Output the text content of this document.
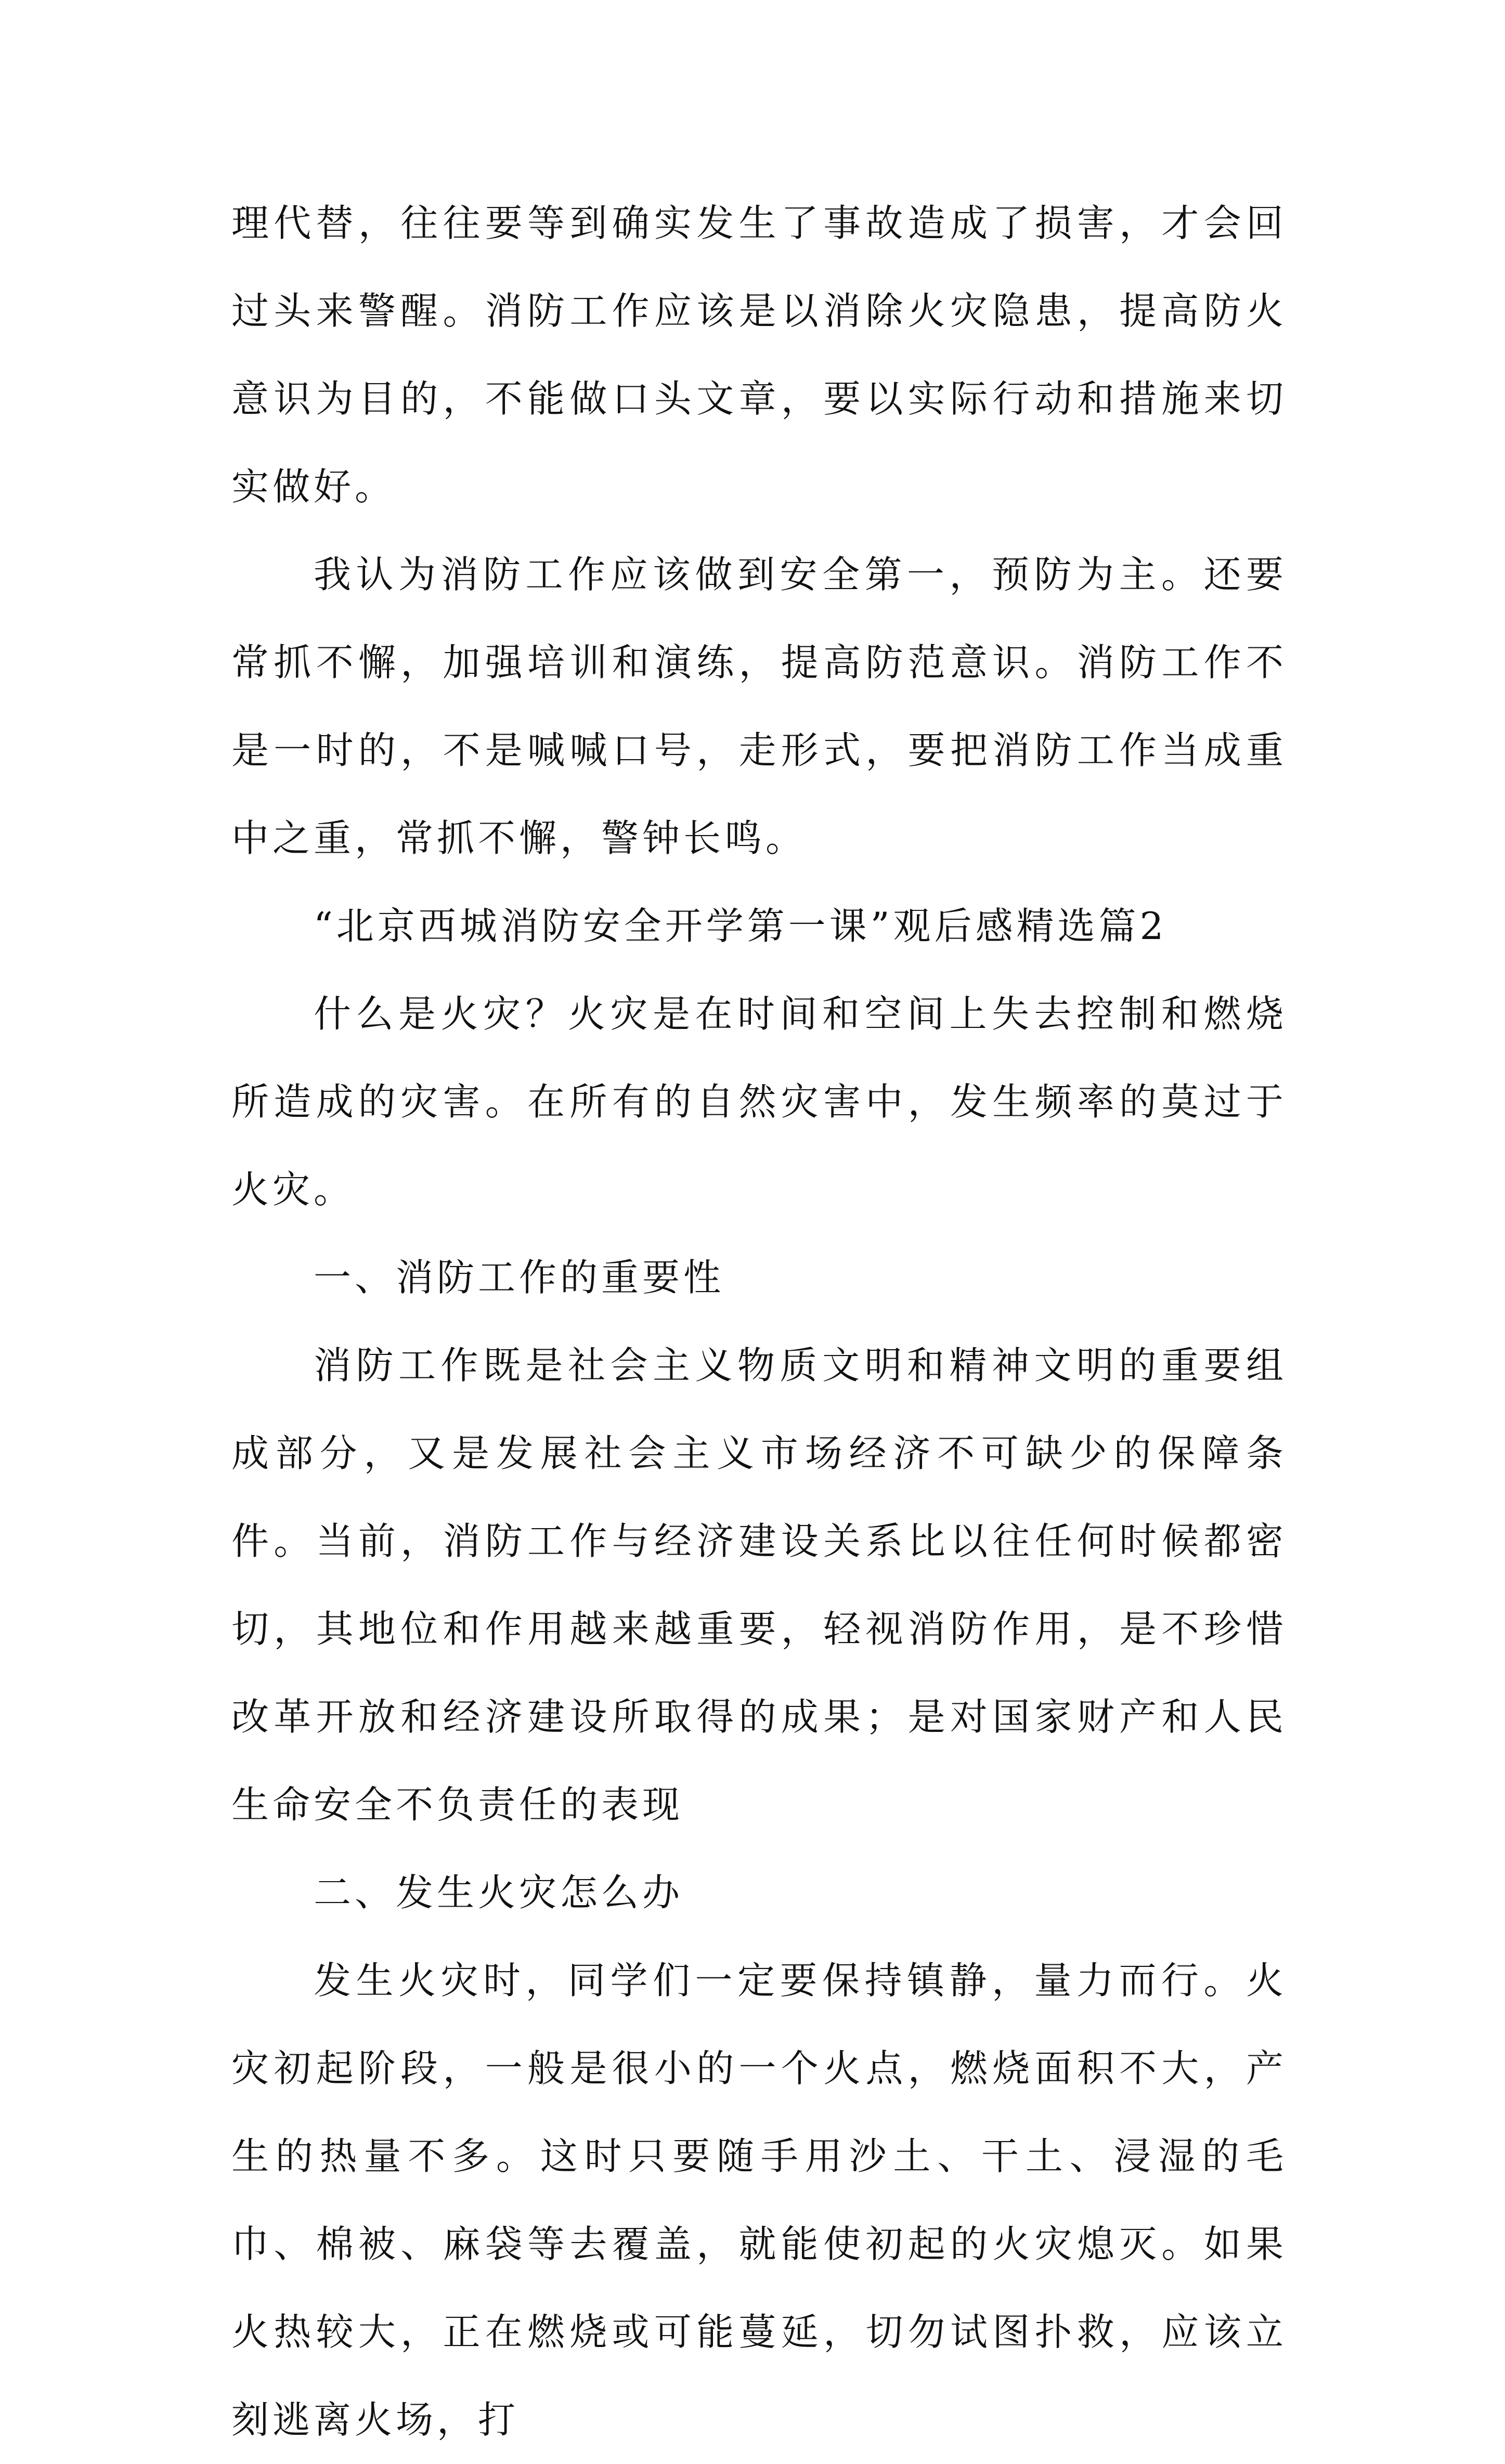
理代替，往往要等到确实发生了事故造成了损害，才会回过头来警醒。消防工作应该是以消除火灾隐患，提高防火意识为目的，不能做口头文章，要以实际行动和措施来切实做好。

我认为消防工作应该做到安全第一，预防为主。还要常抓不懈，加强培训和演练，提高防范意识。消防工作不是一时的，不是喊喊口号，走形式，要把消防工作当成重中之重，常抓不懈，警钟长鸣。

“北京西城消防安全开学第一课”观后感精选篇2

什么是火灾？火灾是在时间和空间上失去控制和燃烧所造成的灾害。在所有的自然灾害中，发生频率的莫过于火灾。

一、消防工作的重要性

消防工作既是社会主义物质文明和精神文明的重要组成部分，又是发展社会主义市场经济不可缺少的保障条件。当前，消防工作与经济建设关系比以往任何时候都密切，其地位和作用越来越重要，轻视消防作用，是不珍惜改革开放和经济建设所取得的成果；是对国家财产和人民生命安全不负责任的表现

二、发生火灾怎么办

发生火灾时，同学们一定要保持镇静，量力而行。火灾初起阶段，一般是很小的一个火点，燃烧面积不大，产生的热量不多。这时只要随手用沙土、干土、浸湿的毛巾、棉被、麻袋等去覆盖，就能使初起的火灾熄灭。如果火热较大，正在燃烧或可能蔓延，切勿试图扑救，应该立刻逃离火场，打
